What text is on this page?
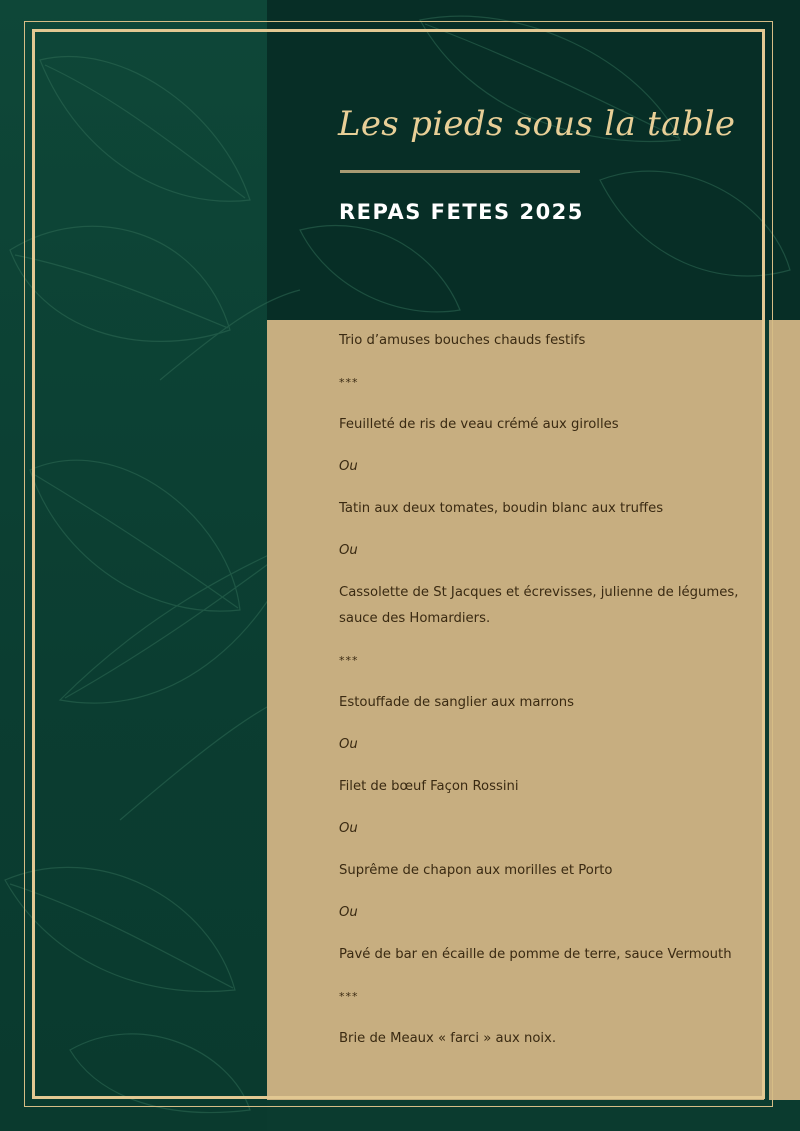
Les pieds sous la table
REPAS FETES 2025
Trio d’amuses bouches chauds festifs
***
Feuilleté de ris de veau crémé aux girolles
Ou
Tatin aux deux tomates, boudin blanc aux truffes
Ou
Cassolette de St Jacques et écrevisses, julienne de légumes, sauce des Homardiers.
***
Estouffade de sanglier aux marrons
Ou
Filet de bœuf Façon Rossini
Ou
Suprême de chapon aux morilles et Porto
Ou
Pavé de bar en écaille de pomme de terre, sauce Vermouth
***
Brie de Meaux « farci » aux noix.
